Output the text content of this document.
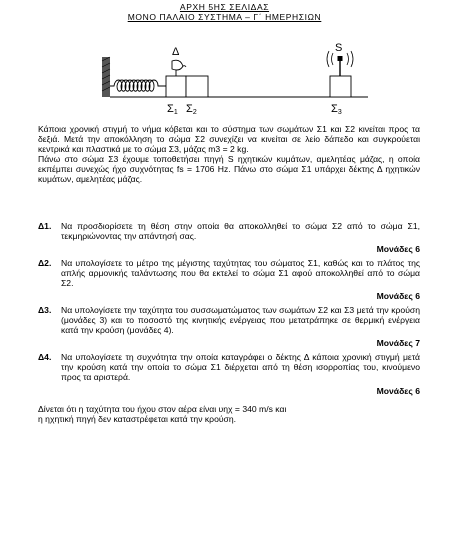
ΑΡΧΗ 5ΗΣ ΣΕΛΙΔΑΣ
ΜΟΝΟ ΠΑΛΑΙΟ ΣΥΣΤΗΜΑ – Γ΄ ΗΜΕΡΗΣΙΩΝ
Δ	S
Σ1 Σ2	Σ3

Κάποια χρονική στιγμή το νήμα κόβεται και το σύστημα των σωμάτων Σ1 και Σ2 κινείται προς τα δεξιά. Μετά την αποκόλληση το σώμα Σ2 συνεχίζει να κινείται σε λείο δάπεδο και συγκρούεται κεντρικά και πλαστικά με το σώμα Σ3, μάζας m3 = 2 kg.

Πάνω στο σώμα Σ3 έχουμε τοποθετήσει πηγή S ηχητικών κυμάτων, αμελητέας μάζας, η οποία εκπέμπει συνεχώς ήχο συχνότητας fs = 1706 Hz. Πάνω στο σώμα Σ1 υπάρχει δέκτης Δ ηχητικών κυμάτων, αμελητέας μάζας.

Δ1. Να προσδιορίσετε τη θέση στην οποία θα αποκολληθεί το σώμα Σ2 από το σώμα Σ1, τεκμηριώνοντας την απάντησή σας.
Μονάδες 6
Δ2. Να υπολογίσετε το μέτρο της μέγιστης ταχύτητας του σώματος Σ1, καθώς και το πλάτος της απλής αρμονικής ταλάντωσης που θα εκτελεί το σώμα Σ1 αφού αποκολληθεί από το σώμα Σ2.
Μονάδες 6
Δ3. Να υπολογίσετε την ταχύτητα του συσσωματώματος των σωμάτων Σ2 και Σ3 μετά την κρούση (μονάδες 3) και το ποσοστό της κινητικής ενέργειας που μετατράπηκε σε θερμική ενέργεια κατά την κρούση (μονάδες 4).
Μονάδες 7
Δ4. Να υπολογίσετε τη συχνότητα την οποία καταγράφει ο δέκτης Δ κάποια χρονική στιγμή μετά την κρούση κατά την οποία το σώμα Σ1 διέρχεται από τη θέση ισορροπίας του, κινούμενο προς τα αριστερά.
Μονάδες 6
Δίνεται ότι η ταχύτητα του ήχου στον αέρα είναι υηχ = 340 m/s και
η ηχητική πηγή δεν καταστρέφεται κατά την κρούση.
